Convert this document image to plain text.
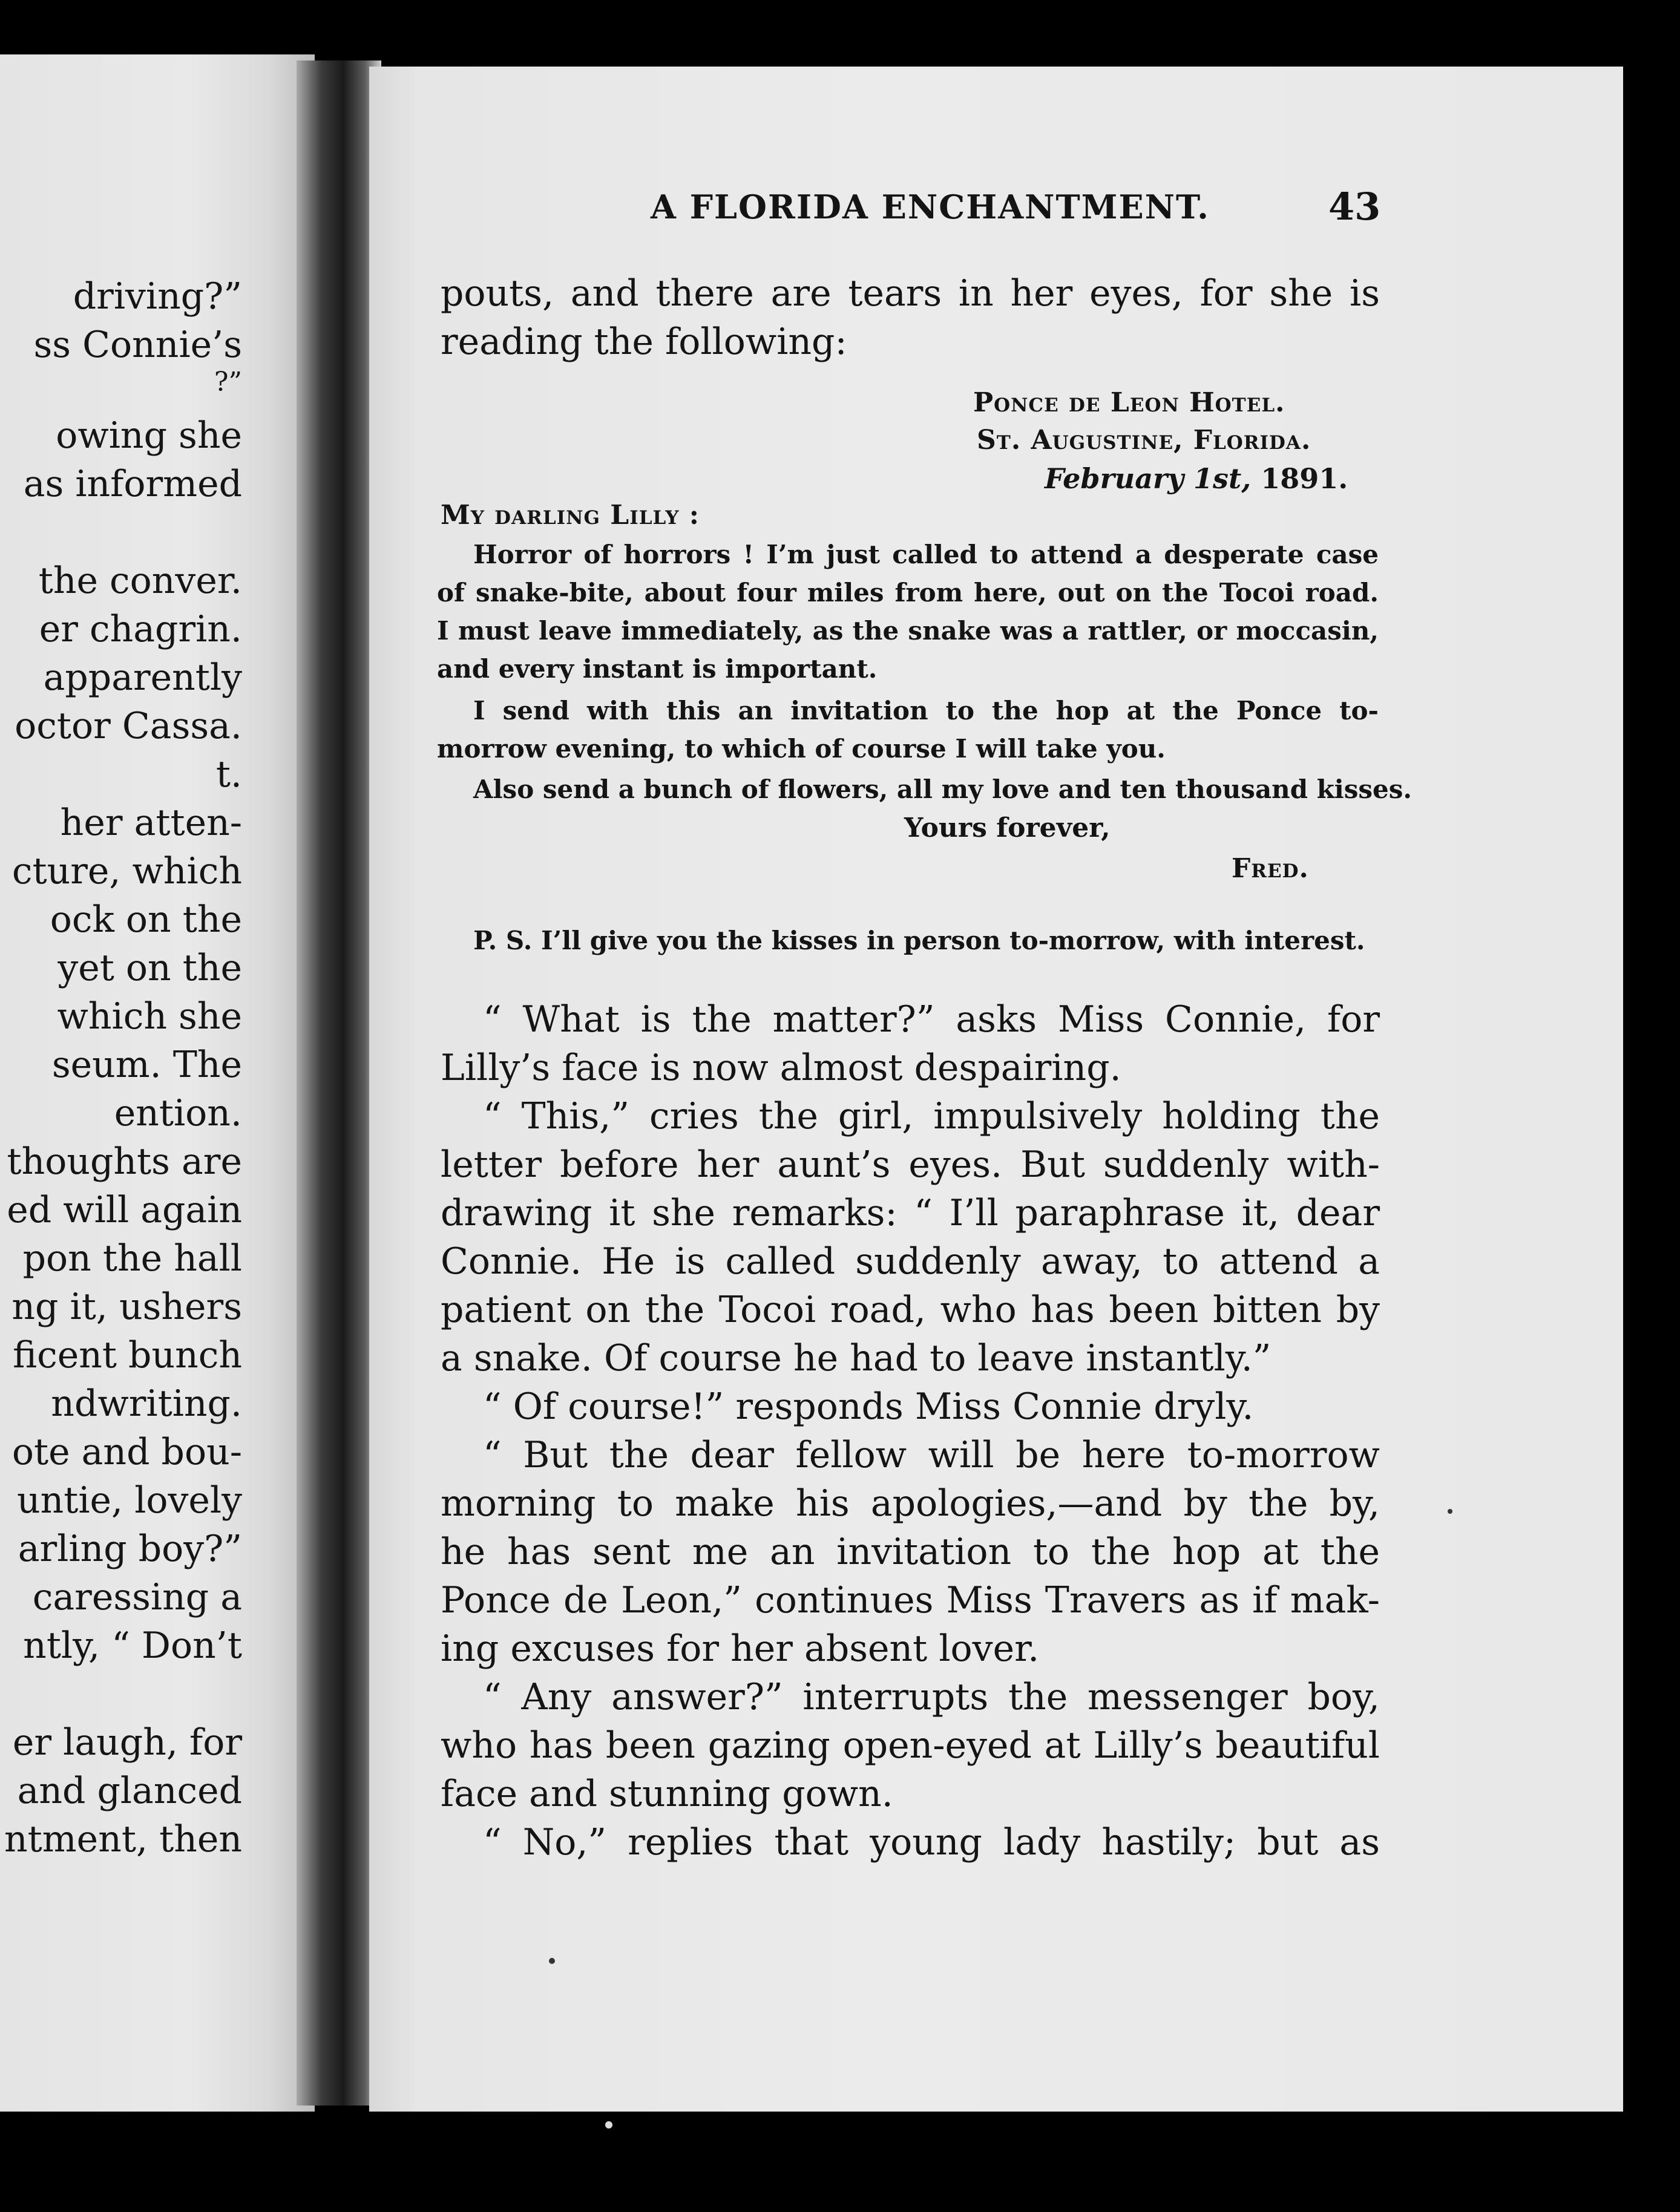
driving?”
ss Connie’s
?”
owing she
as informed
the conver.
er chagrin.
apparently
octor Cassa.
t.
her atten-
cture, which
ock on the
yet on the
which she
seum. The
ention.
thoughts are
ed will again
pon the hall
ng it, ushers
ficent bunch
ndwriting.
ote and bou-
untie, lovely
arling boy?”
caressing a
ntly, “ Don’t
er laugh, for
and glanced
ntment, then
A FLORIDA ENCHANTMENT.	43
pouts, and there are tears in her eyes, for she is
reading the following:
Ponce de Leon Hotel.
St. Augustine, Florida.
February 1st, 1891.
My darling Lilly :
Horror of horrors ! I’m just called to attend a desperate case
of snake-bite, about four miles from here, out on the Tocoi road.
I must leave immediately, as the snake was a rattler, or moccasin,
and every instant is important.
I send with this an invitation to the hop at the Ponce to-
morrow evening, to which of course I will take you.
Also send a bunch of flowers, all my love and ten thousand kisses.
Yours forever,
Fred.
P. S. I’ll give you the kisses in person to-morrow, with interest.
“ What is the matter?” asks Miss Connie, for
Lilly’s face is now almost despairing.
“ This,” cries the girl, impulsively holding the
letter before her aunt’s eyes. But suddenly with-
drawing it she remarks: “ I’ll paraphrase it, dear
Connie. He is called suddenly away, to attend a
patient on the Tocoi road, who has been bitten by
a snake. Of course he had to leave instantly.”
“ Of course!” responds Miss Connie dryly.
“ But the dear fellow will be here to-morrow
morning to make his apologies,—and by the by,
he has sent me an invitation to the hop at the
Ponce de Leon,” continues Miss Travers as if mak-
ing excuses for her absent lover.
“ Any answer?” interrupts the messenger boy,
who has been gazing open-eyed at Lilly’s beautiful
face and stunning gown.
“ No,” replies that young lady hastily; but as
